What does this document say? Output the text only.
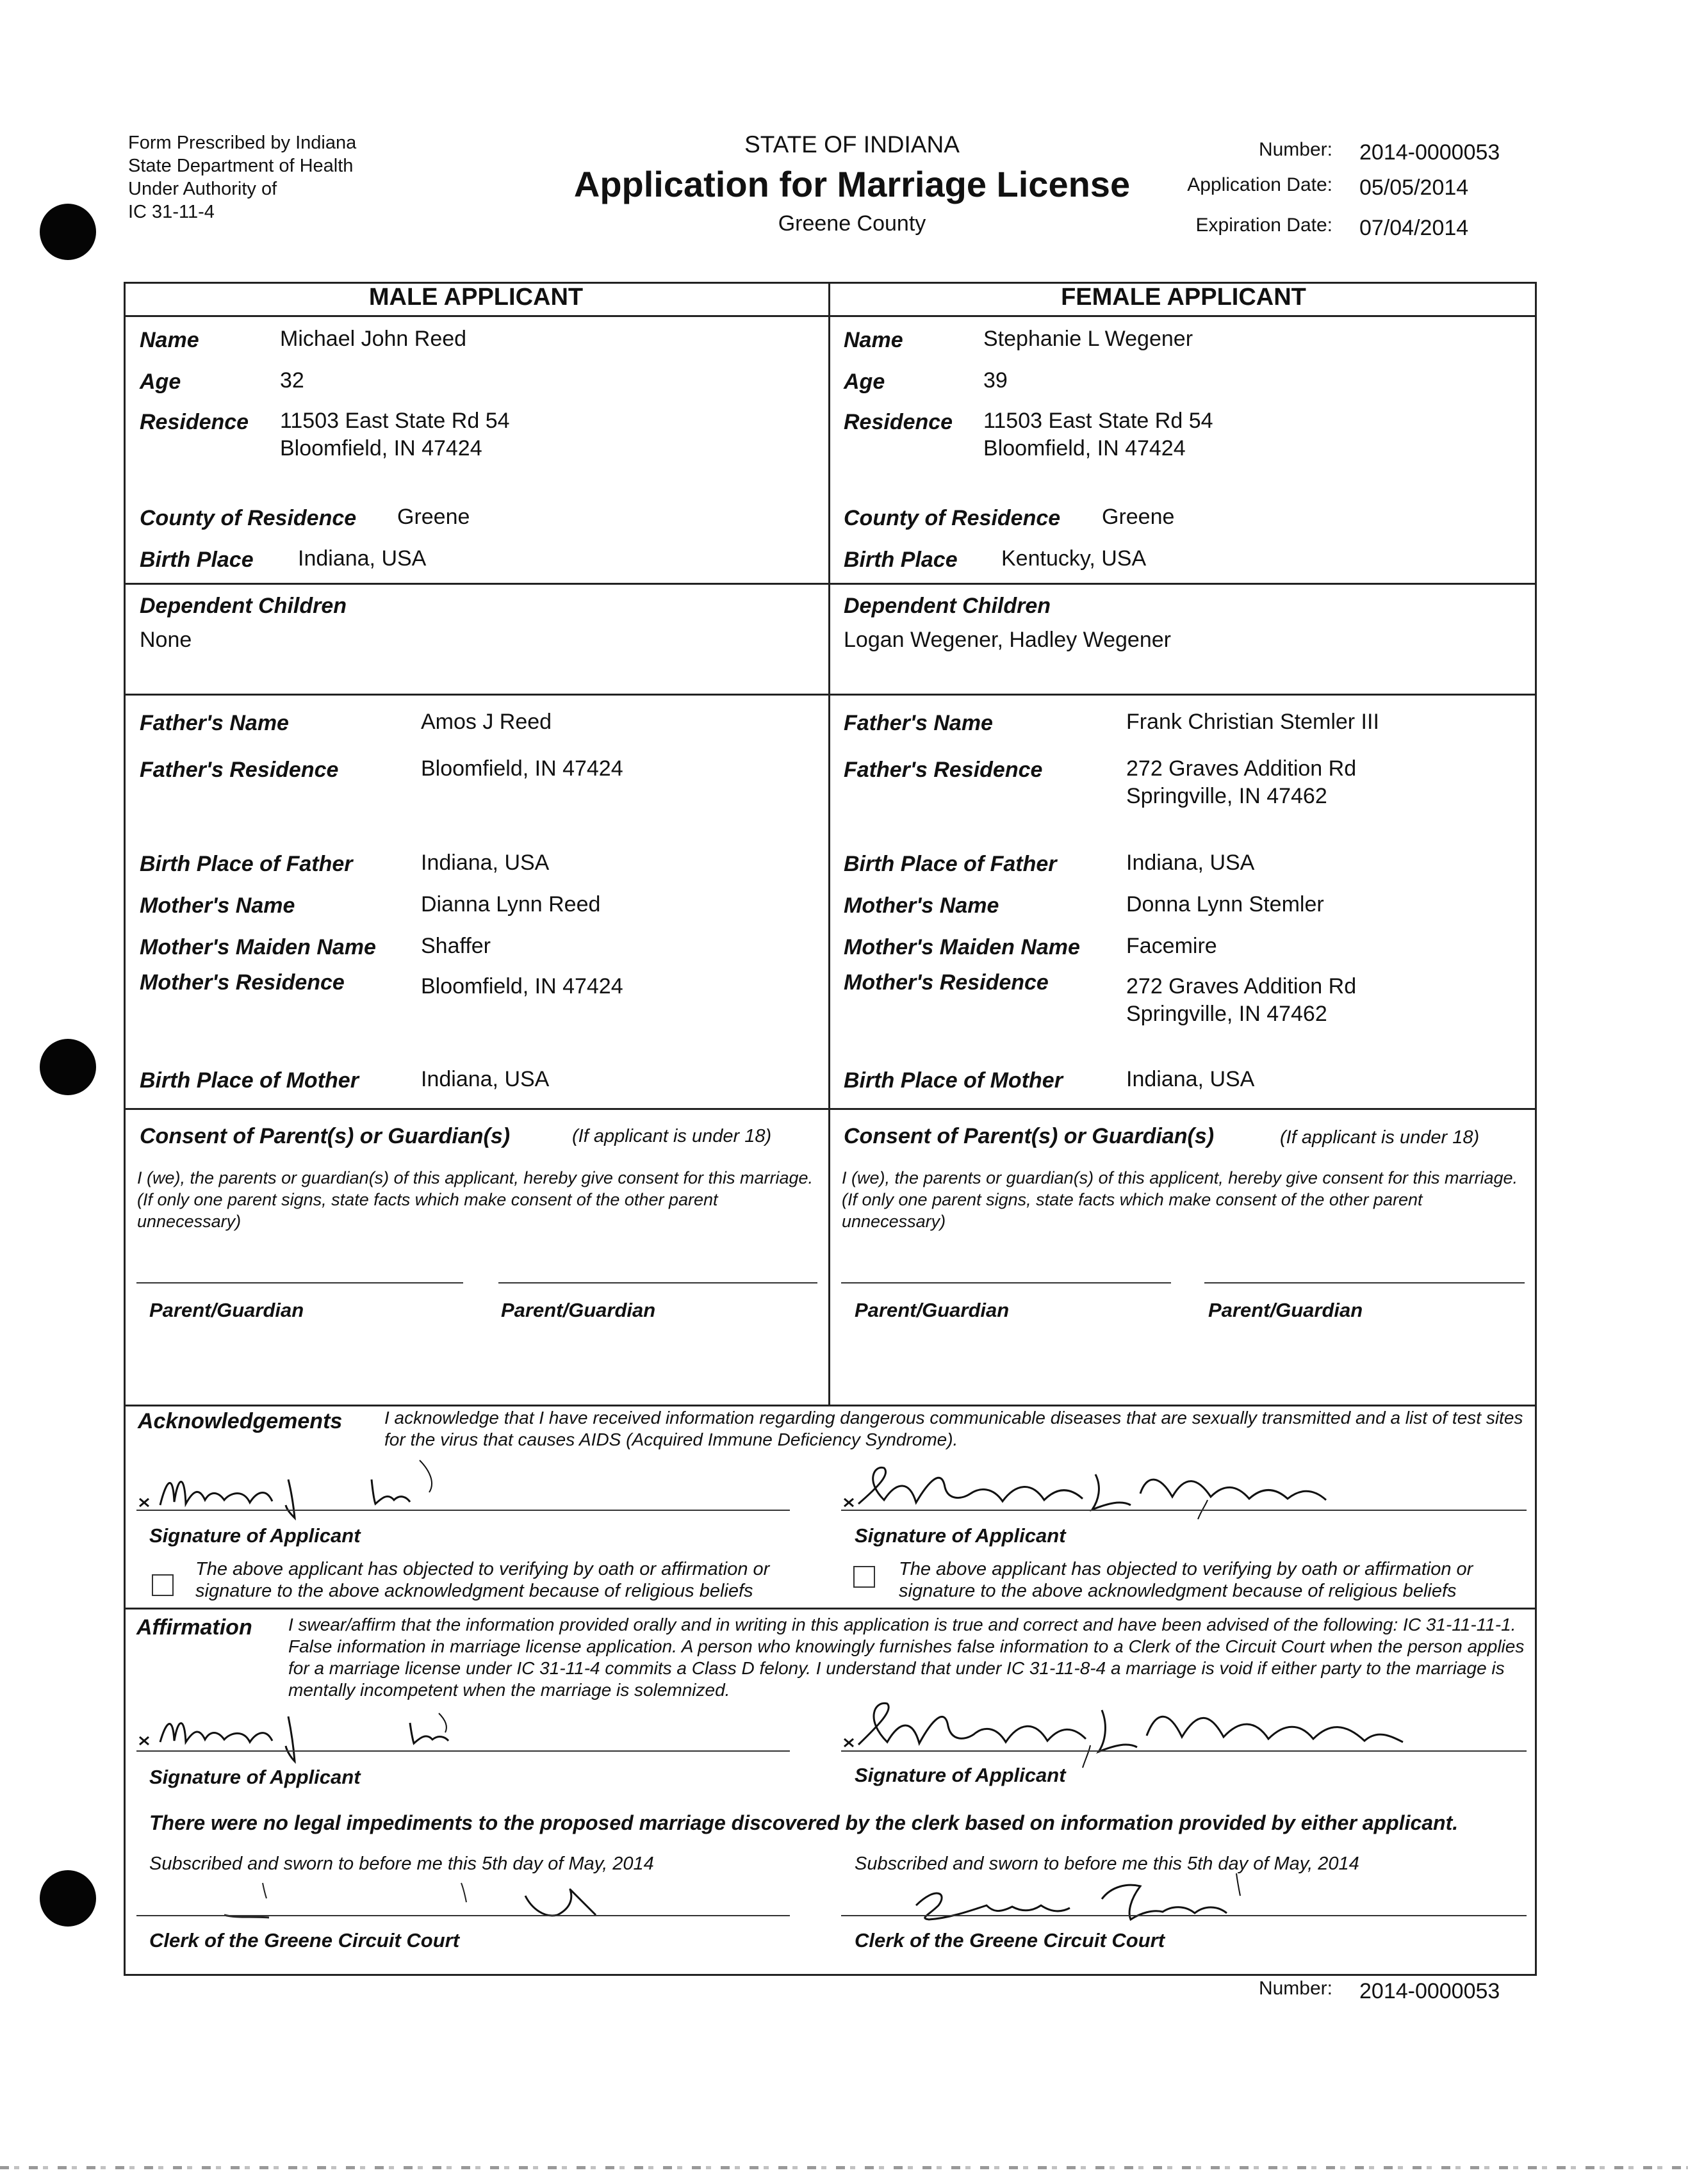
Form Prescribed by Indiana
State Department of Health
Under Authority of
IC 31-11-4
STATE OF INDIANA
Application for Marriage License
Greene County
Number: 2014-0000053
Application Date: 05/05/2014
Expiration Date: 07/04/2014
MALE APPLICANT	FEMALE APPLICANT
Name	Michael John Reed
Age	32
Residence 11503 East State Rd 54
Bloomfield, IN 47424
County of Residence Greene
Birth Place Indiana, USA
Name	Stephanie L Wegener
Age	39
Residence 11503 East State Rd 54
Bloomfield, IN 47424
County of Residence Greene
Birth Place Kentucky, USA
Dependent Children
None
Dependent Children
Logan Wegener, Hadley Wegener
Father's Name	Amos J Reed
Father's Residence	Bloomfield, IN 47424
Birth Place of Father	Indiana, USA
Mother's Name	Dianna Lynn Reed
Mother's Maiden Name Shaffer
Mother's Residence	Bloomfield, IN 47424
Birth Place of Mother	Indiana, USA
Father's Name	Frank Christian Stemler III
Father's Residence	272 Graves Addition Rd
Springville, IN 47462
Birth Place of Father	Indiana, USA
Mother's Name	Donna Lynn Stemler
Mother's Maiden Name Facemire
Mother's Residence	272 Graves Addition Rd
Springville, IN 47462
Birth Place of Mother	Indiana, USA
Consent of Parent(s) or Guardian(s)	(If applicant is under 18)
I (we), the parents or guardian(s) of this applicant, hereby give consent for this marriage. (If only one parent signs, state facts which make consent of the other parent unnecessary)
Parent/Guardian	Parent/Guardian
Consent of Parent(s) or Guardian(s)	(If applicant is under 18)
I (we), the parents or guardian(s) of this applicent, hereby give consent for this marriage. (If only one parent signs, state facts which make consent of the other parent unnecessary)
Parent/Guardian	Parent/Guardian
Acknowledgements I acknowledge that I have received information regarding dangerous communicable diseases that are sexually transmitted and a list of test sites for the virus that causes AIDS (Acquired Immune Deficiency Syndrome).
Signature of Applicant	Signature of Applicant
The above applicant has objected to verifying by oath or affirmation or signature to the above acknowledgment because of religious beliefs
The above applicant has objected to verifying by oath or affirmation or signature to the above acknowledgment because of religious beliefs
Affirmation I swear/affirm that the information provided orally and in writing in this application is true and correct and have been advised of the following: IC 31-11-11-1. False information in marriage license application. A person who knowingly furnishes false information to a Clerk of the Circuit Court when the person applies for a marriage license under IC 31-11-4 commits a Class D felony. I understand that under IC 31-11-8-4 a marriage is void if either party to the marriage is mentally incompetent when the marriage is solemnized.
Signature of Applicant	Signature of Applicant
There were no legal impediments to the proposed marriage discovered by the clerk based on information provided by either applicant.
Subscribed and sworn to before me this 5th day of May, 2014	Subscribed and sworn to before me this 5th day of May, 2014
Clerk of the Greene Circuit Court	Clerk of the Greene Circuit Court
Number: 2014-0000053
